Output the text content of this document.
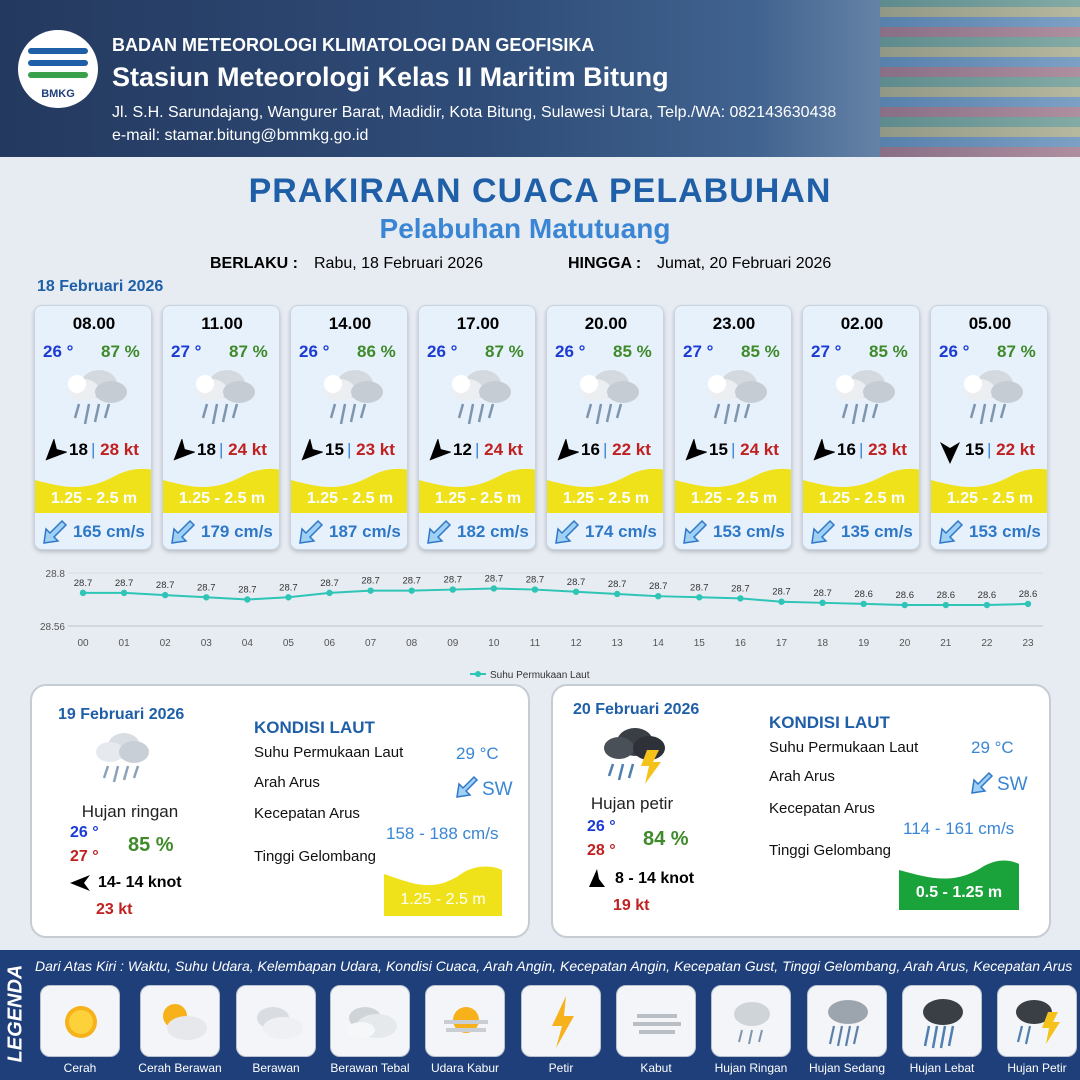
BMKG
BADAN METEOROLOGI KLIMATOLOGI DAN GEOFISIKA
Stasiun Meteorologi Kelas II Maritim Bitung
Jl. S.H. Sarundajang, Wangurer Barat, Madidir, Kota Bitung, Sulawesi Utara, Telp./WA: 082143630438
e-mail: stamar.bitung@bmmkg.go.id
PRAKIRAAN CUACA PELABUHAN
Pelabuhan Matutuang
BERLAKU : Rabu, 18 Februari 2026	HINGGA : Jumat, 20 Februari 2026
18 Februari 2026
08.00
26 ° 87 %
18 | 28 kt
1.25 - 2.5 m
165 cm/s
11.00
27 ° 87 %
18 | 24 kt
1.25 - 2.5 m
179 cm/s
14.00
26 ° 86 %
15 | 23 kt
1.25 - 2.5 m
187 cm/s
17.00
26 ° 87 %
12 | 24 kt
1.25 - 2.5 m
182 cm/s
20.00
26 ° 85 %
16 | 22 kt
1.25 - 2.5 m
174 cm/s
23.00
27 ° 85 %
15 | 24 kt
1.25 - 2.5 m
153 cm/s
02.00
27 ° 85 %
16 | 23 kt
1.25 - 2.5 m
135 cm/s
05.00
26 ° 87 %
15 | 22 kt
1.25 - 2.5 m
153 cm/s
28.8
28.56
28.7
00
28.7
01
28.7
02
28.7
03
28.7
04
28.7
05
28.7
06
28.7
07
28.7
08
28.7
09
28.7
10
28.7
11
28.7
12
28.7
13
28.7
14
28.7
15
28.7
16
28.7
17
28.7
18
28.6
19
28.6
20
28.6
21
28.6
22
28.6
23
Suhu Permukaan Laut
19 Februari 2026
Hujan ringan
26 °
27 °
85 %
14- 14 knot
23 kt
KONDISI LAUT
Suhu Permukaan Laut	29 °C
Arah Arus	SW
Kecepatan Arus
158 - 188 cm/s
Tinggi Gelombang
1.25 - 2.5 m
20 Februari 2026
Hujan petir
26 °
28 °
84 %
8 - 14 knot
19 kt
KONDISI LAUT
Suhu Permukaan Laut	29 °C
Arah Arus	SW
Kecepatan Arus
114 - 161 cm/s
Tinggi Gelombang
0.5 - 1.25 m
LEGENDA Dari Atas Kiri : Waktu, Suhu Udara, Kelembapan Udara, Kondisi Cuaca, Arah Angin, Kecepatan Angin, Kecepatan Gust, Tinggi Gelombang, Arah Arus, Kecepatan Arus
Cerah	Cerah Berawan	Berawan	Berawan Tebal	Udara Kabur	Petir	Kabut	Hujan Ringan	Hujan Sedang	Hujan Lebat	Hujan Petir
